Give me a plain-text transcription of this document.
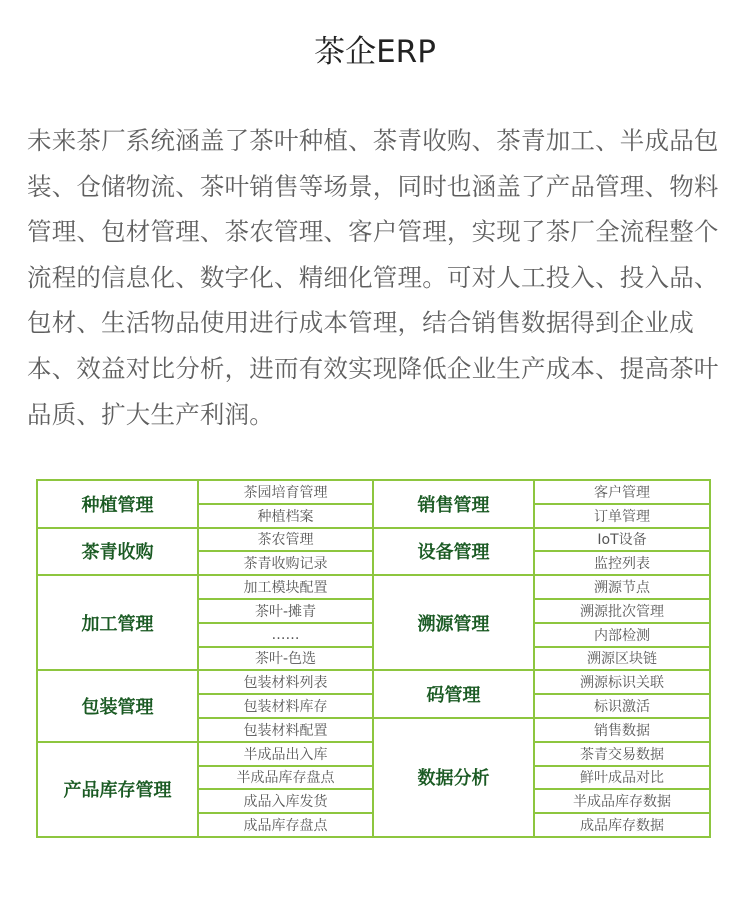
茶企ERP

未来茶厂系统涵盖了茶叶种植、茶青收购、茶青加工、半成品包装、仓储物流、茶叶销售等场景，同时也涵盖了产品管理、物料管理、包材管理、茶农管理、客户管理，实现了茶厂全流程整个流程的信息化、数字化、精细化管理。可对人工投入、投入品、包材、生活物品使用进行成本管理，结合销售数据得到企业成本、效益对比分析，进而有效实现降低企业生产成本、提高茶叶品质、扩大生产利润。

种植管理	茶园培育管理	销售管理	客户管理
	种植档案		订单管理
茶青收购	茶农管理	设备管理	IoT设备
	茶青收购记录		监控列表
加工管理	加工模块配置	溯源管理	溯源节点
	茶叶-摊青		溯源批次管理
	……		内部检测
	茶叶-色选		溯源区块链
包装管理	包装材料列表	码管理	溯源标识关联
	包装材料库存		标识激活
	包装材料配置	数据分析	销售数据
产品库存管理	半成品出入库		茶青交易数据
	半成品库存盘点		鲜叶成品对比
	成品入库发货		半成品库存数据
	成品库存盘点		成品库存数据
